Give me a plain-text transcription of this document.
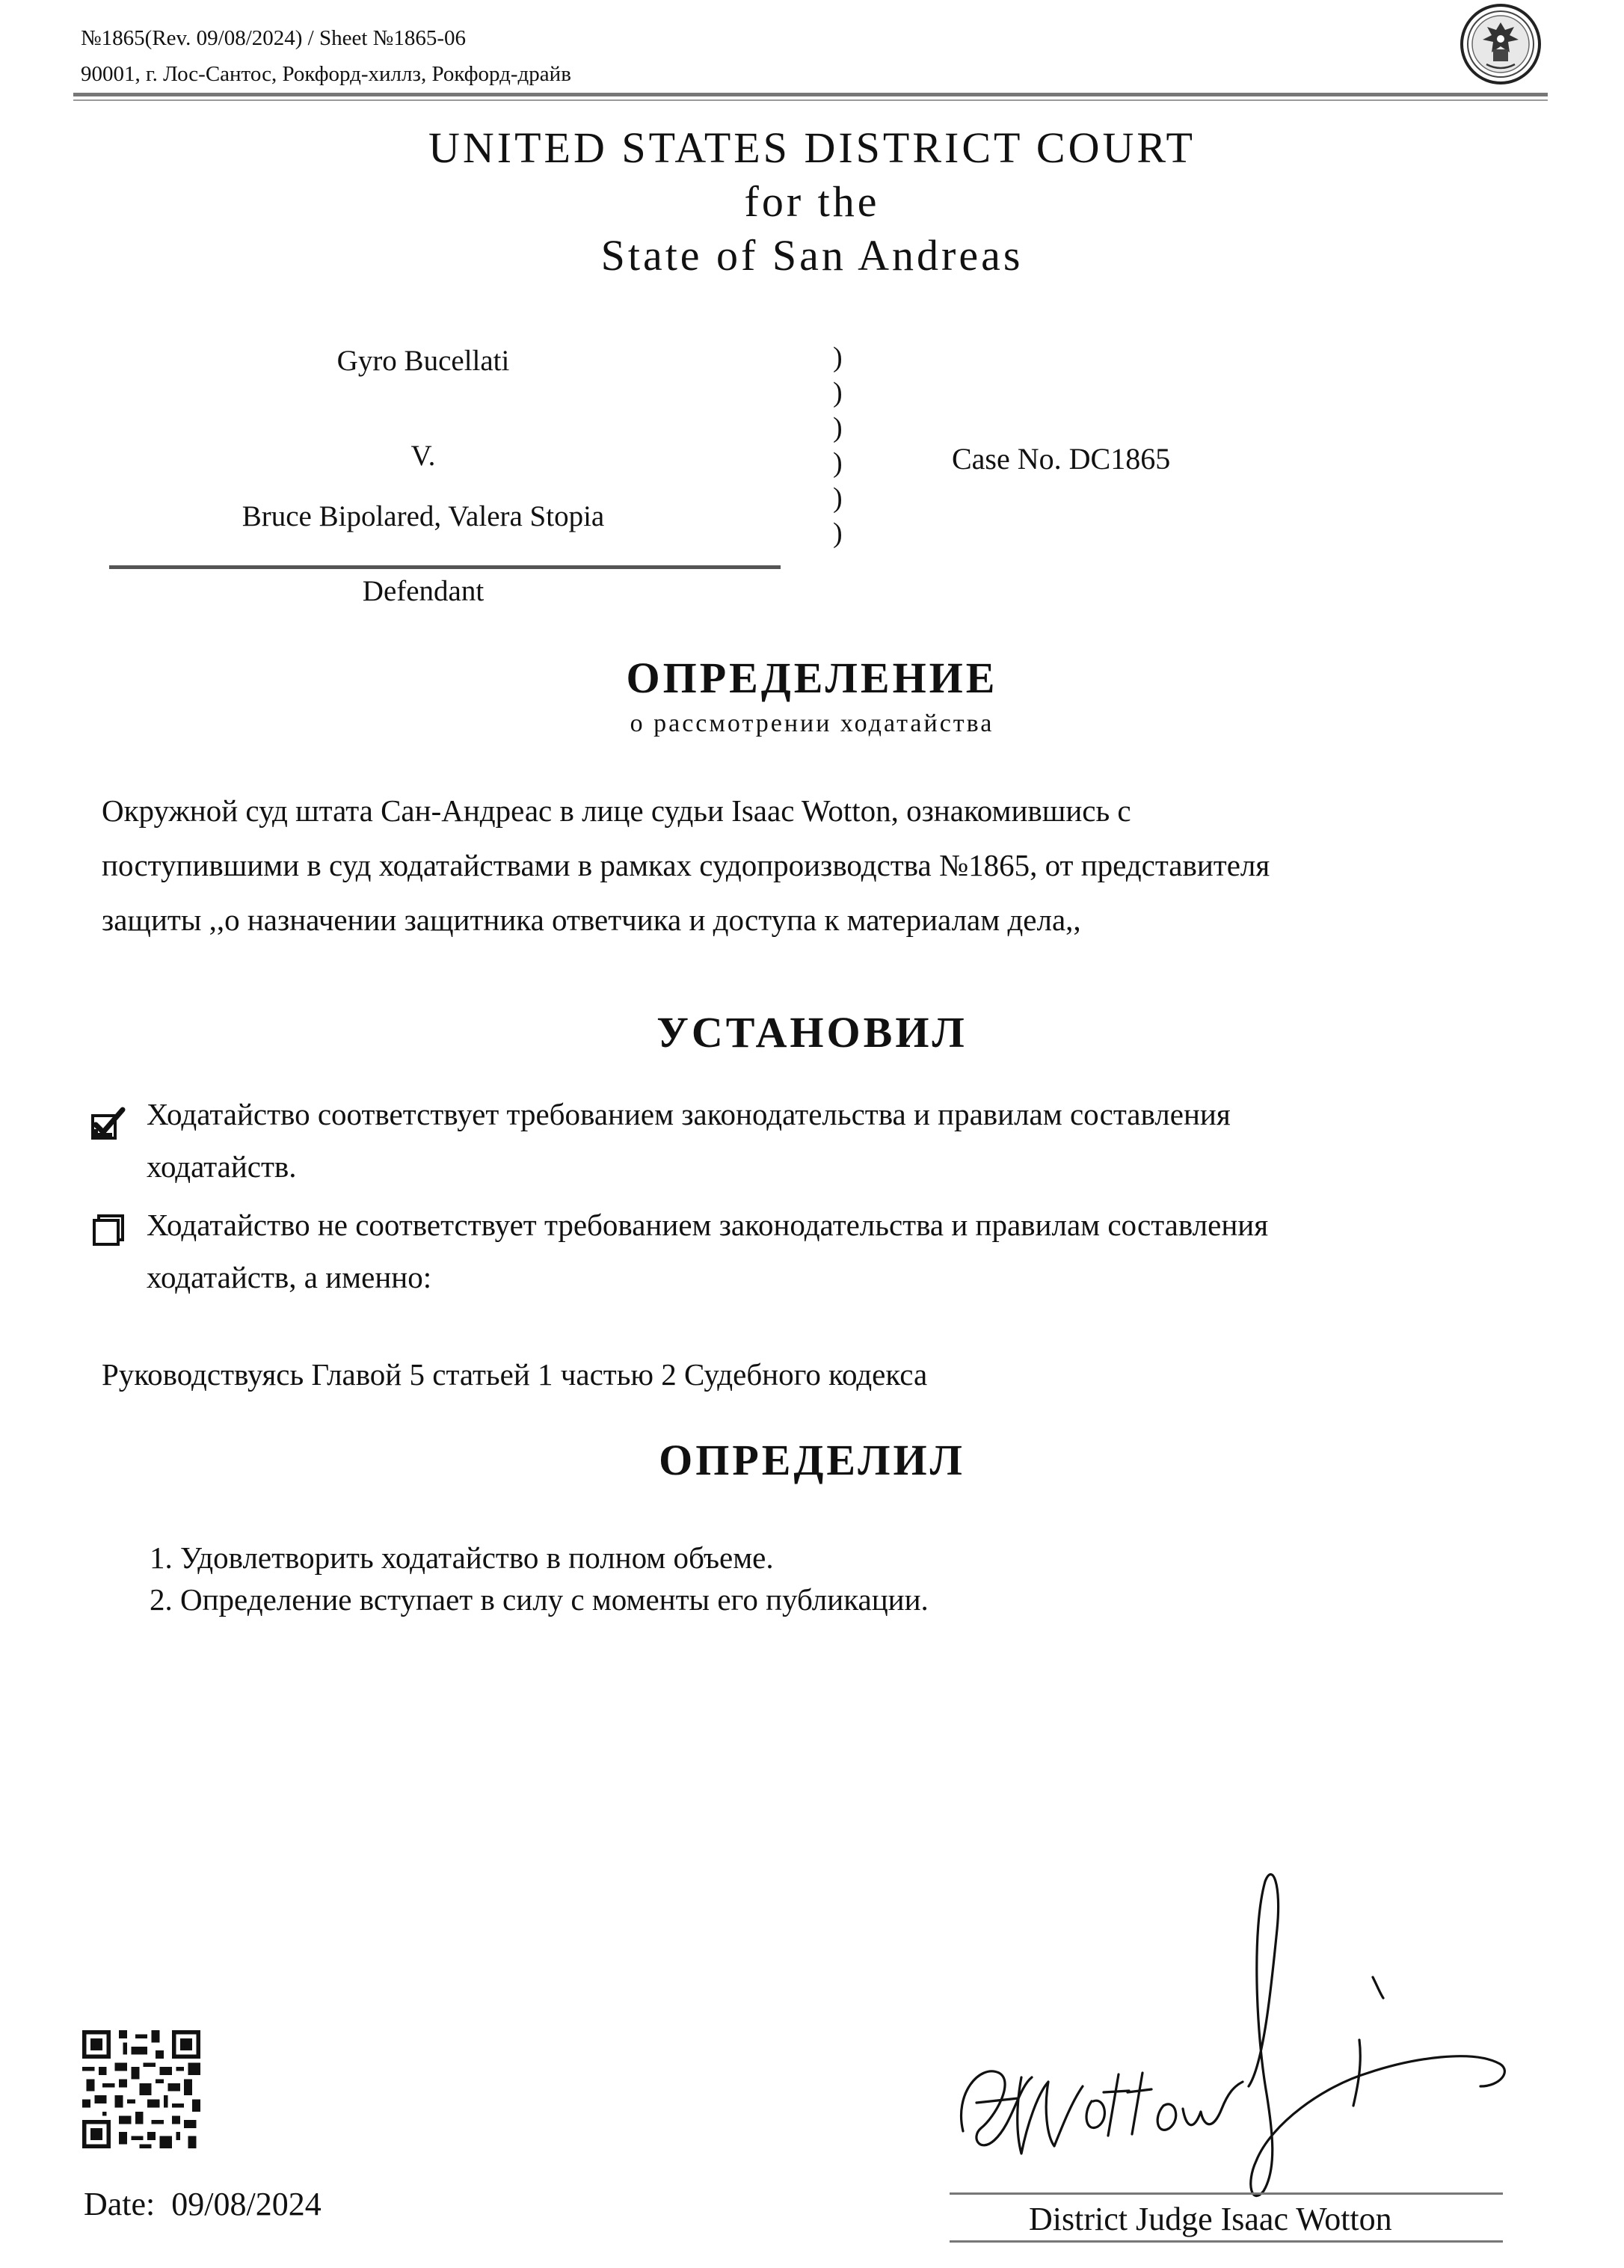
№1865(Rev. 09/08/2024) / Sheet №1865-06
90001, г. Лос-Сантос, Рокфорд-хиллз, Рокфорд-драйв
UNITED STATES DISTRICT COURT
for the
State of San Andreas
Gyro Bucellati
V.
Bruce Bipolared, Valera Stopia
Defendant
)
)
)
)
)
)
Case No. DC1865
ОПРЕДЕЛЕНИЕ
о рассмотрении ходатайства
Окружной суд штата Сан-Андреас в лице судьи Isaac Wotton, ознакомившись с
поступившими в суд ходатайствами в рамках судопроизводства №1865, от представителя
защиты ,,о назначении защитника ответчика и доступа к материалам дела,,
УСТАНОВИЛ
Ходатайство соответствует требованием законодательства и правилам составления
ходатайств.
Ходатайство не соответствует требованием законодательства и правилам составления
ходатайств, а именно:
Руководствуясь Главой 5 статьей 1 частью 2 Судебного кодекса
ОПРЕДЕЛИЛ
1. Удовлетворить ходатайство в полном объеме.
2. Определение вступает в силу с моменты его публикации.
Date: 09/08/2024	District Judge Isaac Wotton
